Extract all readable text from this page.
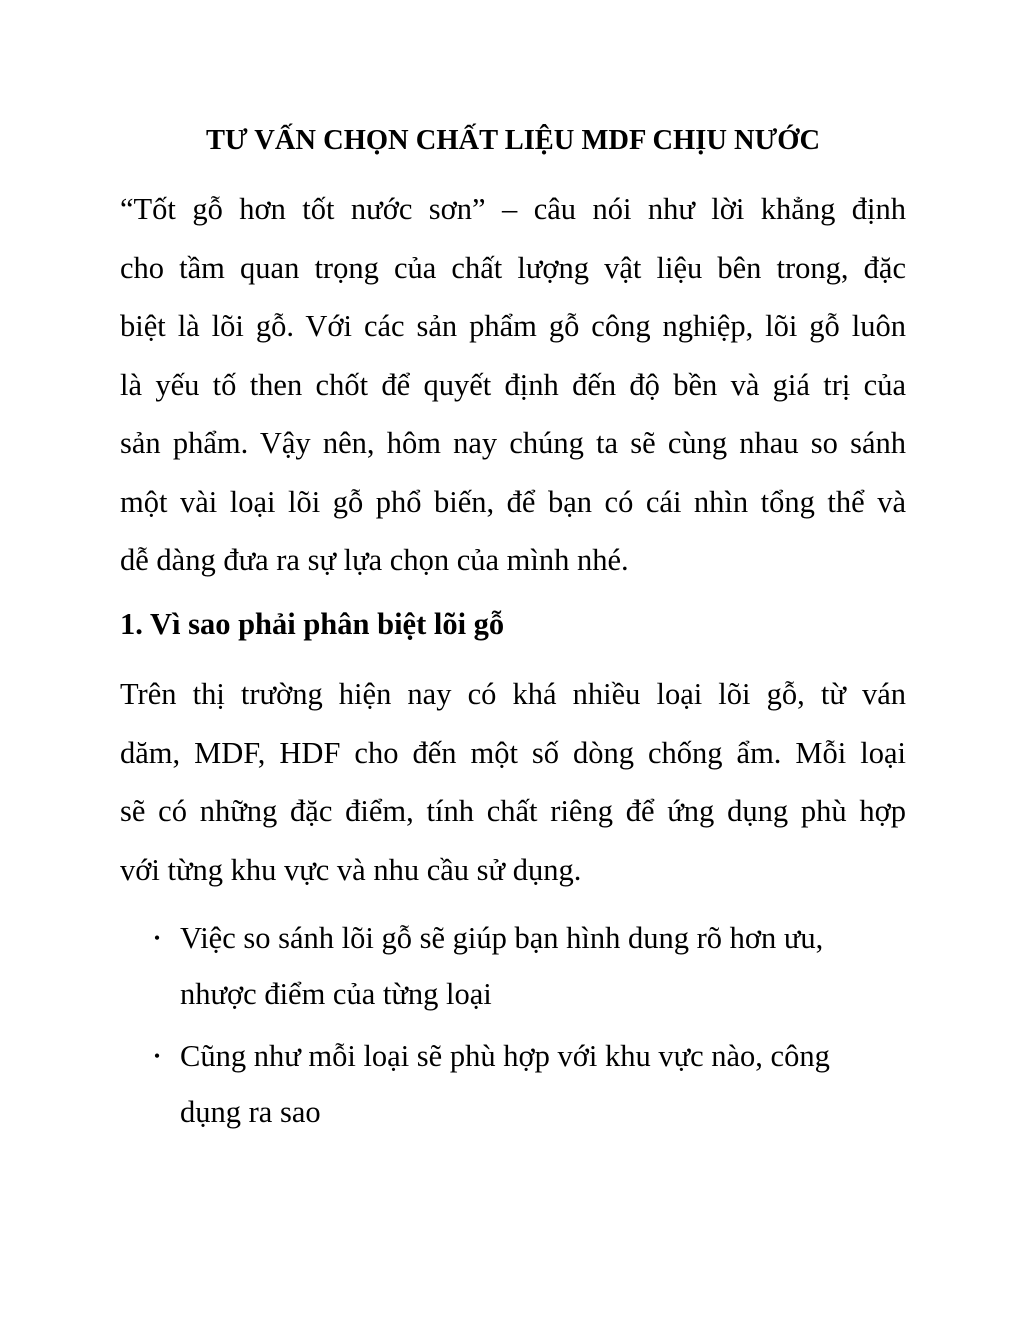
TƯ VẤN CHỌN CHẤT LIỆU MDF CHỊU NƯỚC

“Tốt gỗ hơn tốt nước sơn” – câu nói như lời khẳng định
cho tầm quan trọng của chất lượng vật liệu bên trong, đặc
biệt là lõi gỗ. Với các sản phẩm gỗ công nghiệp, lõi gỗ luôn
là yếu tố then chốt để quyết định đến độ bền và giá trị của
sản phẩm. Vậy nên, hôm nay chúng ta sẽ cùng nhau so sánh
một vài loại lõi gỗ phổ biến, để bạn có cái nhìn tổng thể và
dễ dàng đưa ra sự lựa chọn của mình nhé.

1. Vì sao phải phân biệt lõi gỗ

Trên thị trường hiện nay có khá nhiều loại lõi gỗ, từ ván
dăm, MDF, HDF cho đến một số dòng chống ẩm. Mỗi loại
sẽ có những đặc điểm, tính chất riêng để ứng dụng phù hợp
với từng khu vực và nhu cầu sử dụng.

• Việc so sánh lõi gỗ sẽ giúp bạn hình dung rõ hơn ưu,
nhược điểm của từng loại
• Cũng như mỗi loại sẽ phù hợp với khu vực nào, công
dụng ra sao
